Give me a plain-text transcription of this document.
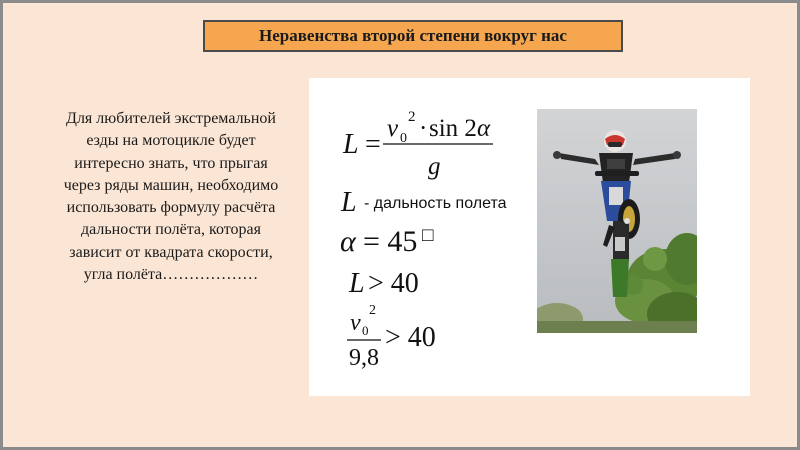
Неравенства второй степени вокруг нас
Для любителей экстремальной езды на мотоцикле будет интересно знать, что прыгая через ряды машин, необходимо использовать формулу расчёта дальности полёта, которая зависит от квадрата скорости, угла полёта………………
L =
v 0
2 · sin 2 α
g
L - дальность полета
α = 45 □
L > 40
v 0
2
9,8
> 40
